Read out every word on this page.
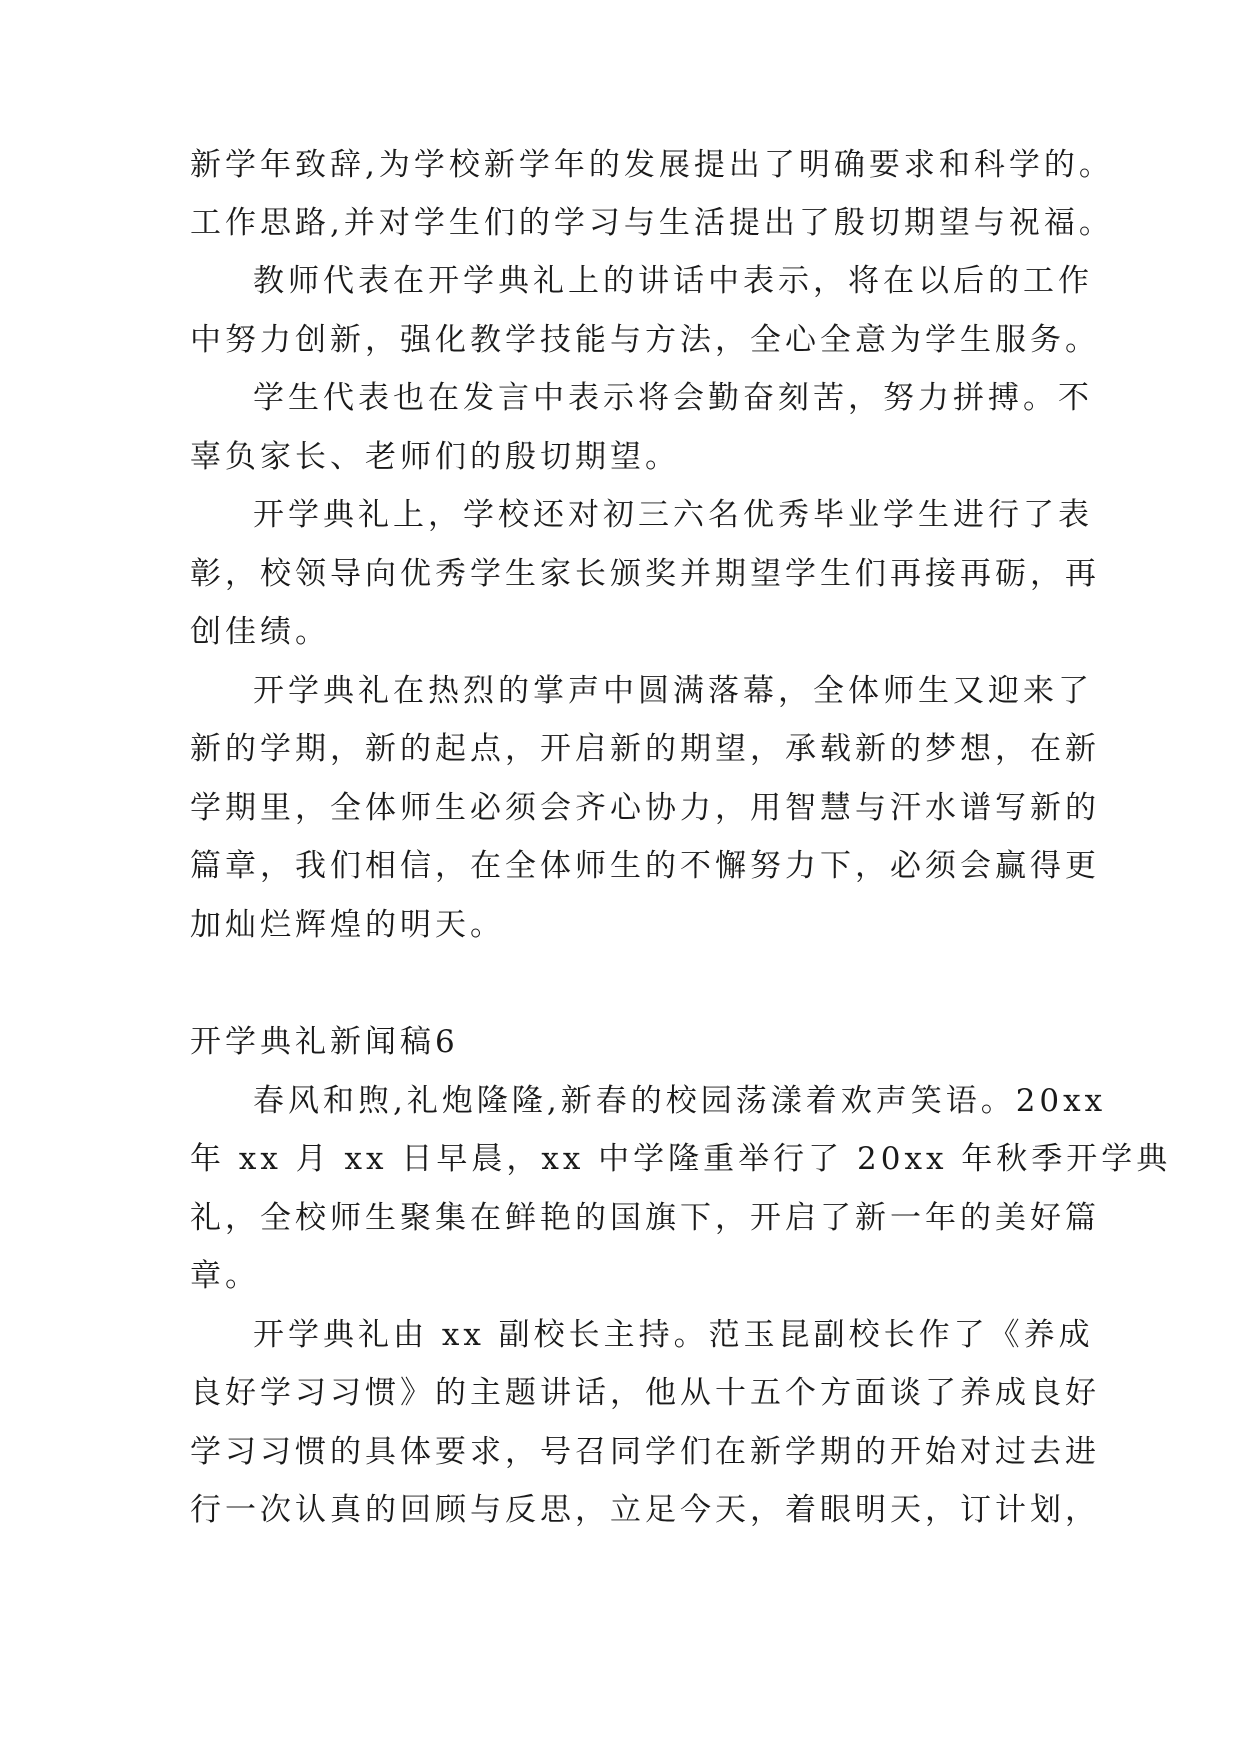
新学年致辞,为学校新学年的发展提出了明确要求和科学的。
工作思路,并对学生们的学习与生活提出了殷切期望与祝福。
教师代表在开学典礼上的讲话中表示，将在以后的工作
中努力创新，强化教学技能与方法，全心全意为学生服务。
学生代表也在发言中表示将会勤奋刻苦，努力拼搏。不
辜负家长、老师们的殷切期望。
开学典礼上，学校还对初三六名优秀毕业学生进行了表
彰，校领导向优秀学生家长颁奖并期望学生们再接再砺，再
创佳绩。
开学典礼在热烈的掌声中圆满落幕，全体师生又迎来了
新的学期，新的起点，开启新的期望，承载新的梦想，在新
学期里，全体师生必须会齐心协力，用智慧与汗水谱写新的
篇章，我们相信，在全体师生的不懈努力下，必须会赢得更
加灿烂辉煌的明天。
开学典礼新闻稿6
春风和煦,礼炮隆隆,新春的校园荡漾着欢声笑语。20xx
年 xx 月 xx 日早晨，xx 中学隆重举行了 20xx 年秋季开学典
礼，全校师生聚集在鲜艳的国旗下，开启了新一年的美好篇
章。
开学典礼由 xx 副校长主持。范玉昆副校长作了《养成
良好学习习惯》的主题讲话，他从十五个方面谈了养成良好
学习习惯的具体要求，号召同学们在新学期的开始对过去进
行一次认真的回顾与反思，立足今天，着眼明天，订计划，
